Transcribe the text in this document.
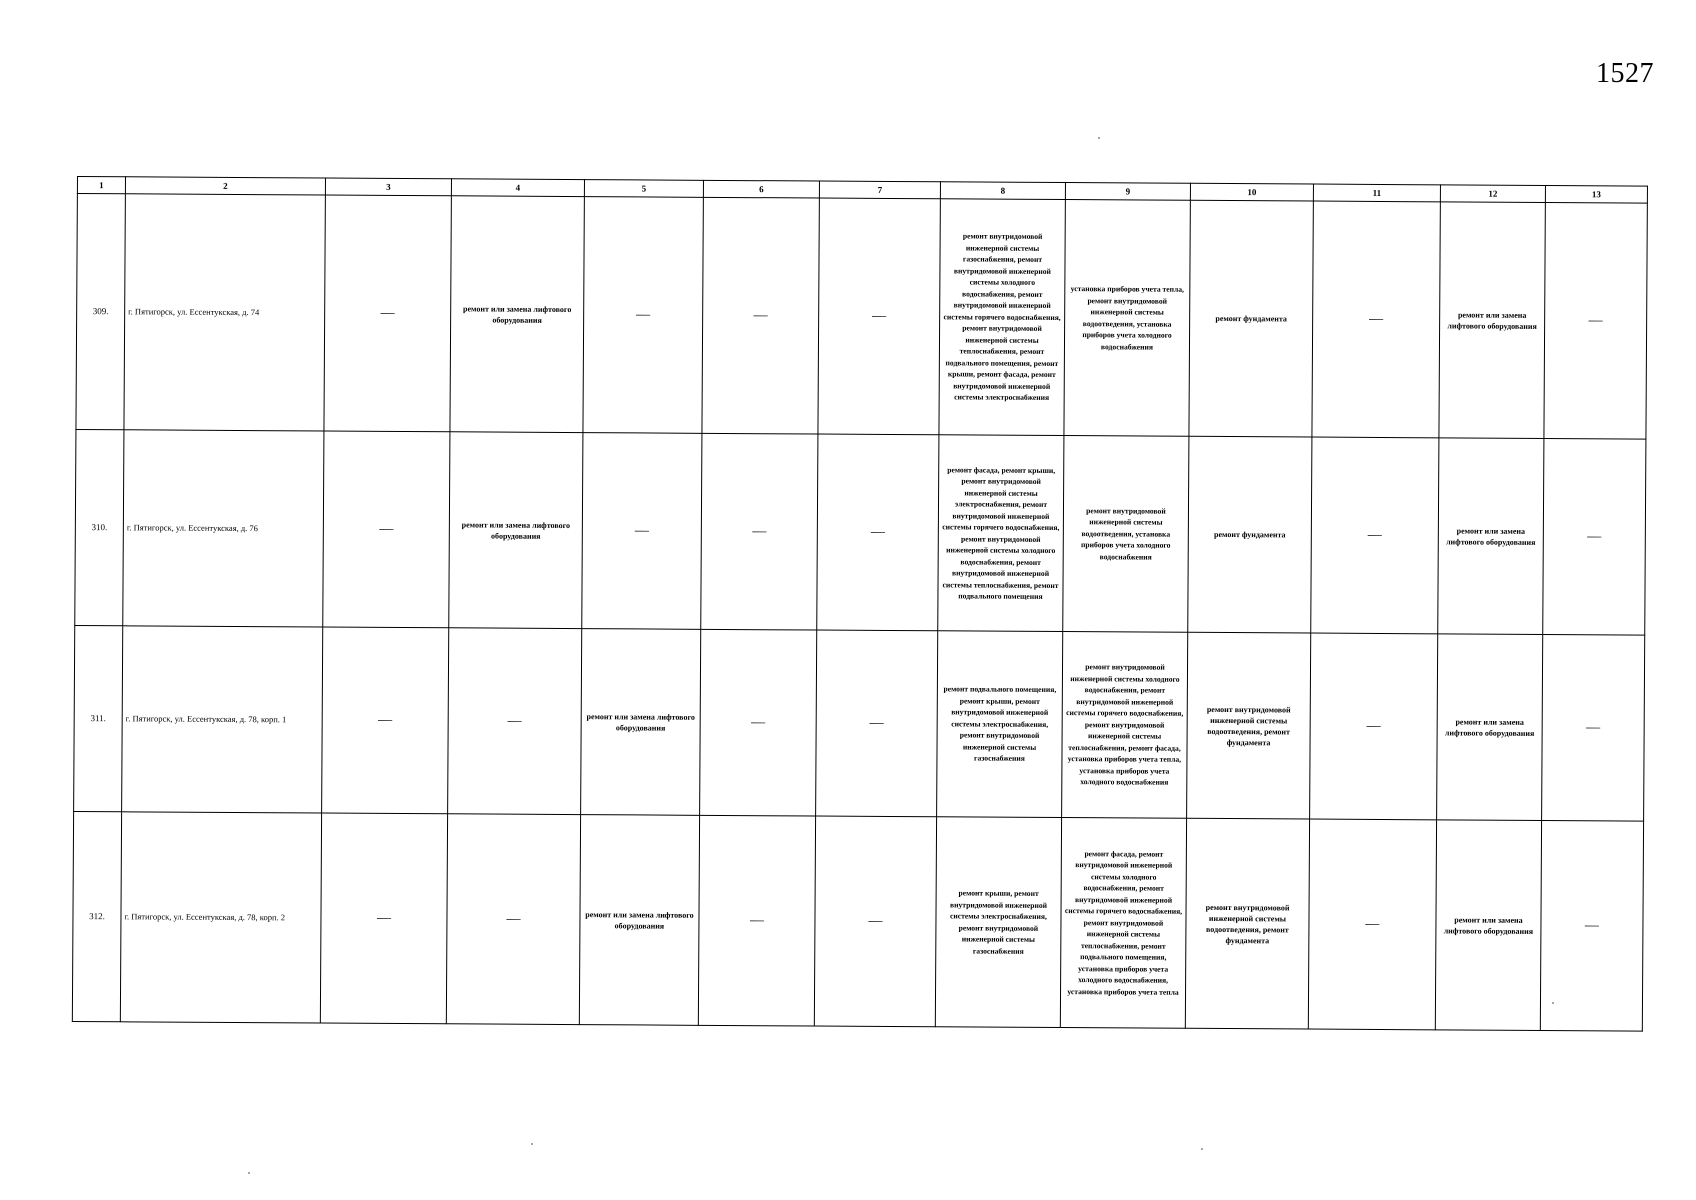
1527
1	2	3	4	5	6	7	8	9	10	11	12	13
309.	г. Пятигорск, ул. Ессентукская, д. 74	—	ремонт или замена лифтового оборудования	—	—	—	ремонт внутридомовой инженерной системы газоснабжения, ремонт внутридомовой инженерной системы холодного водоснабжения, ремонт внутридомовой инженерной системы горячего водоснабжения, ремонт внутридомовой инженерной системы теплоснабжения, ремонт подвального помещения, ремонт крыши, ремонт фасада, ремонт внутридомовой инженерной системы электроснабжения	установка приборов учета тепла, ремонт внутридомовой инженерной системы водоотведения, установка приборов учета холодного водоснабжения	ремонт фундамента	—	ремонт или замена лифтового оборудования	—
310.	г. Пятигорск, ул. Ессентукская, д. 76	—	ремонт или замена лифтового оборудования	—	—	—	ремонт фасада, ремонт крыши, ремонт внутридомовой инженерной системы электроснабжения, ремонт внутридомовой инженерной системы горячего водоснабжения, ремонт внутридомовой инженерной системы холодного водоснабжения, ремонт внутридомовой инженерной системы теплоснабжения, ремонт подвального помещения	ремонт внутридомовой инженерной системы водоотведения, установка приборов учета холодного водоснабжения	ремонт фундамента	—	ремонт или замена лифтового оборудования	—
311.	г. Пятигорск, ул. Ессентукская, д. 78, корп. 1	—	—	ремонт или замена лифтового оборудования	—	—	ремонт подвального помещения, ремонт крыши, ремонт внутридомовой инженерной системы электроснабжения, ремонт внутридомовой инженерной системы газоснабжения	ремонт внутридомовой инженерной системы холодного водоснабжения, ремонт внутридомовой инженерной системы горячего водоснабжения, ремонт внутридомовой инженерной системы теплоснабжения, ремонт фасада, установка приборов учета тепла, установка приборов учета холодного водоснабжения	ремонт внутридомовой инженерной системы водоотведения, ремонт фундамента	—	ремонт или замена лифтового оборудования	—
312.	г. Пятигорск, ул. Ессентукская, д. 78, корп. 2	—	—	ремонт или замена лифтового оборудования	—	—	ремонт крыши, ремонт внутридомовой инженерной системы электроснабжения, ремонт внутридомовой инженерной системы газоснабжения	ремонт фасада, ремонт внутридомовой инженерной системы холодного водоснабжения, ремонт внутридомовой инженерной системы горячего водоснабжения, ремонт внутридомовой инженерной системы теплоснабжения, ремонт подвального помещения, установка приборов учета холодного водоснабжения, установка приборов учета тепла	ремонт внутридомовой инженерной системы водоотведения, ремонт фундамента	—	ремонт или замена лифтового оборудования	—
